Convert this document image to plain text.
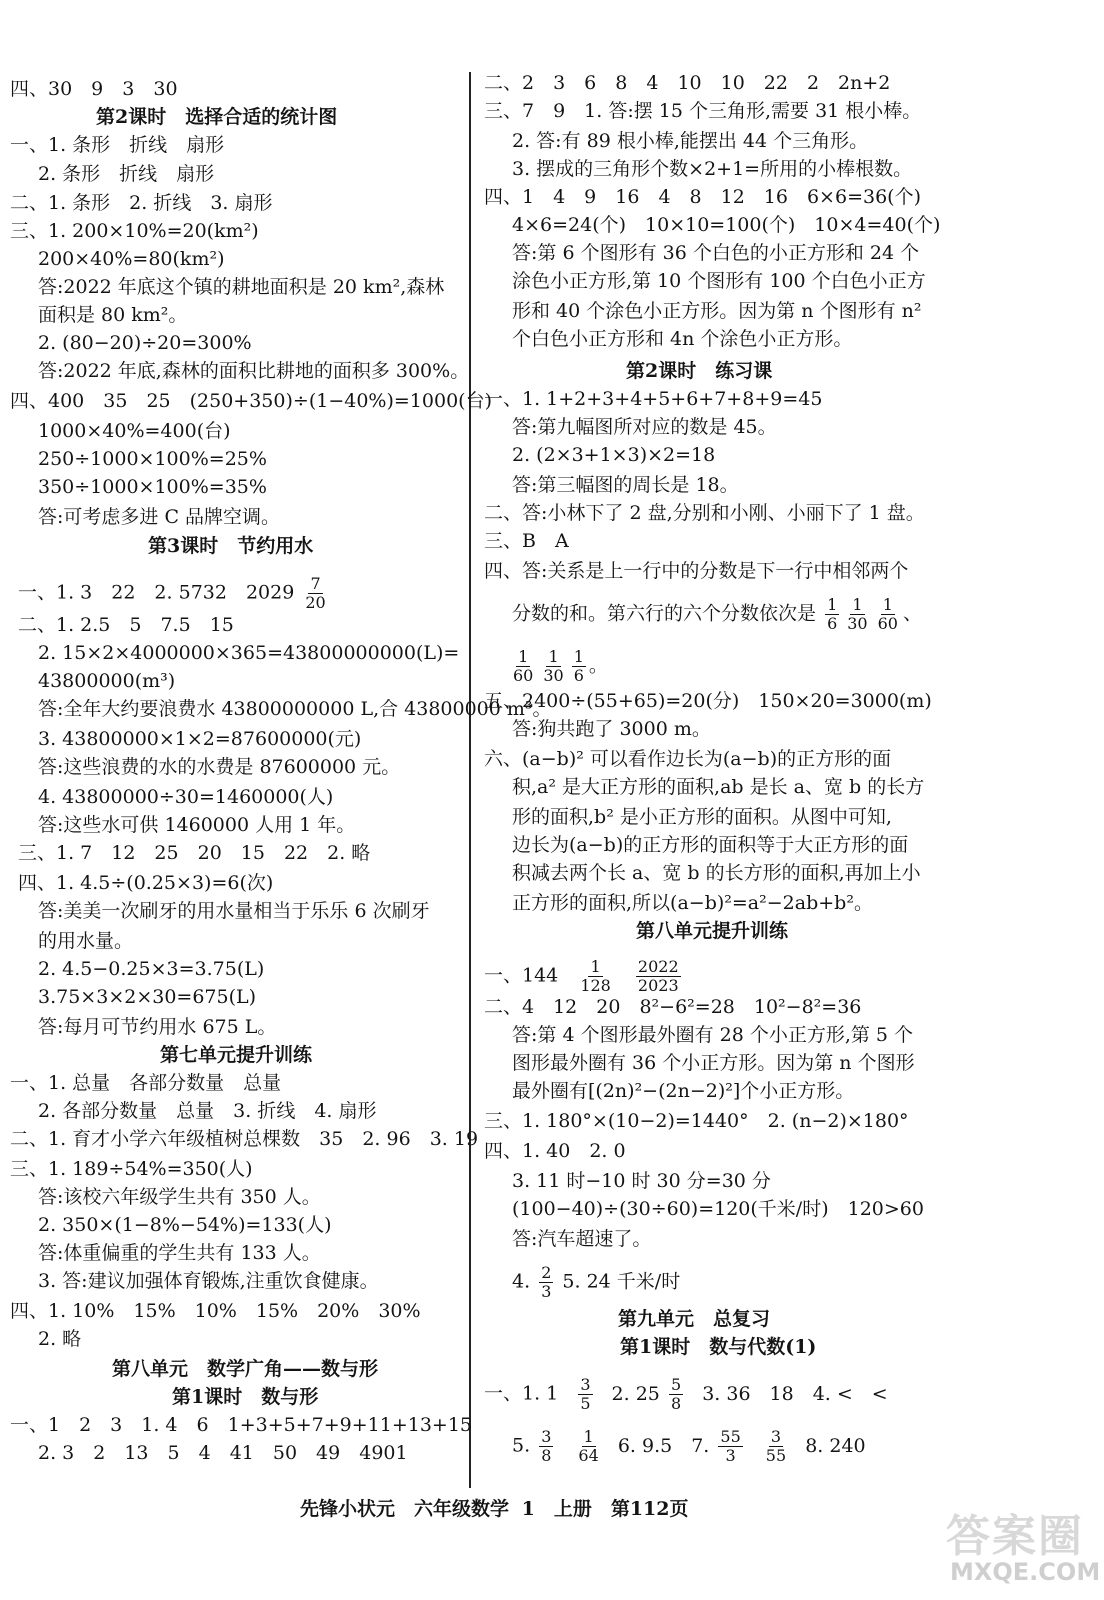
四、30　9　3　30
第2课时　选择合适的统计图
一、1. 条形　折线　扇形
2. 条形　折线　扇形
二、1. 条形　2. 折线　3. 扇形
三、1. 200×10%=20(km²)
200×40%=80(km²)
答:2022 年底这个镇的耕地面积是 20 km²,森林
面积是 80 km²。
2. (80−20)÷20=300%
答:2022 年底,森林的面积比耕地的面积多 300%。
四、400　35　25　(250+350)÷(1−40%)=1000(台)
1000×40%=400(台)
250÷1000×100%=25%
350÷1000×100%=35%
答:可考虑多进 C 品牌空调。
第3课时　节约用水
一、1. 3　22　2. 5732　$2029 \frac{7}{20}$
二、1. 2.5　5　7.5　15
2. 15×2×4000000×365=43800000000(L)=
43800000(m³)
答:全年大约要浪费水 43800000000 L,合 43800000 m³。
3. 43800000×1×2=87600000(元)
答:这些浪费的水的水费是 87600000 元。
4. 43800000÷30=1460000(人)
答:这些水可供 1460000 人用 1 年。
三、1. 7　12　25　20　15　22　2. 略
四、1. 4.5÷(0.25×3)=6(次)
答:美美一次刷牙的用水量相当于乐乐 6 次刷牙
的用水量。
2. 4.5−0.25×3=3.75(L)
3.75×3×2×30=675(L)
答:每月可节约用水 675 L。
第七单元提升训练
一、1. 总量　各部分数量　总量
2. 各部分数量　总量　3. 折线　4. 扇形
二、1. 育才小学六年级植树总棵数　35　2. 96　3. 19
三、1. 189÷54%=350(人)
答:该校六年级学生共有 350 人。
2. 350×(1−8%−54%)=133(人)
答:体重偏重的学生共有 133 人。
3. 答:建议加强体育锻炼,注重饮食健康。
四、1. 10%　15%　10%　15%　20%　30%
2. 略
第八单元　数学广角——数与形
第1课时　数与形
一、1　2　3　1. 4　6　1+3+5+7+9+11+13+15
2. 3　2　13　5　4　41　50　49　4901
二、2　3　6　8　4　10　10　22　2　2n+2
三、7　9　1. 答:摆 15 个三角形,需要 31 根小棒。
2. 答:有 89 根小棒,能摆出 44 个三角形。
3. 摆成的三角形个数×2+1=所用的小棒根数。
四、1　4　9　16　4　8　12　16　6×6=36(个)
4×6=24(个)　10×10=100(个)　10×4=40(个)
答:第 6 个图形有 36 个白色的小正方形和 24 个
涂色小正方形,第 10 个图形有 100 个白色小正方
形和 40 个涂色小正方形。因为第 n 个图形有 n²
个白色小正方形和 4n 个涂色小正方形。
第2课时　练习课
一、1. 1+2+3+4+5+6+7+8+9=45
答:第九幅图所对应的数是 45。
2. (2×3+1×3)×2=18
答:第三幅图的周长是 18。
二、答:小林下了 2 盘,分别和小刚、小丽下了 1 盘。
三、B　A
四、答:关系是上一行中的分数是下一行中相邻两个
分数的和。第六行的六个分数依次是 $\frac{1}{6} \frac{1}{30} \frac{1}{60}$ 、
$\frac{1}{60} \frac{1}{30} \frac{1}{6}$ 。
五、2400÷(55+65)=20(分)　150×20=3000(m)
答:狗共跑了 3000 m。
六、(a−b)² 可以看作边长为(a−b)的正方形的面
积,a² 是大正方形的面积,ab 是长 a、宽 b 的长方
形的面积,b² 是小正方形的面积。从图中可知,
边长为(a−b)的正方形的面积等于大正方形的面
积减去两个长 a、宽 b 的长方形的面积,再加上小
正方形的面积,所以(a−b)²=a²−2ab+b²。
第八单元提升训练
一、$144 \frac{1}{128}$
$\frac{2022}{2023}$
二、4　12　20　8²−6²=28　10²−8²=36
答:第 4 个图形最外圈有 28 个小正方形,第 5 个
图形最外圈有 36 个小正方形。因为第 n 个图形
最外圈有[(2n)²−(2n−2)²]个小正方形。
三、1. 180°×(10−2)=1440°　2. (n−2)×180°
四、1. 40　2. 0
3. 11 时−10 时 30 分=30 分
(100−40)÷(30÷60)=120(千米/时)　120>60
答:汽车超速了。
4. $\frac{2}{3} 5$. 24 千米/时
第九单元　总复习
第1课时　数与代数(1)
一、1. $1 \frac{3}{5} 2$. $25 \frac{5}{8} 3$. 36　18　4. <　<
5. $\frac{3}{8}$
$\frac{1}{64} 6$. 9.5　7. $\frac{55}{3}$
$\frac{3}{55} 8$. 240
先锋小状元　六年级数学 1　上册　第112页
答案圈
MXQE.COM
